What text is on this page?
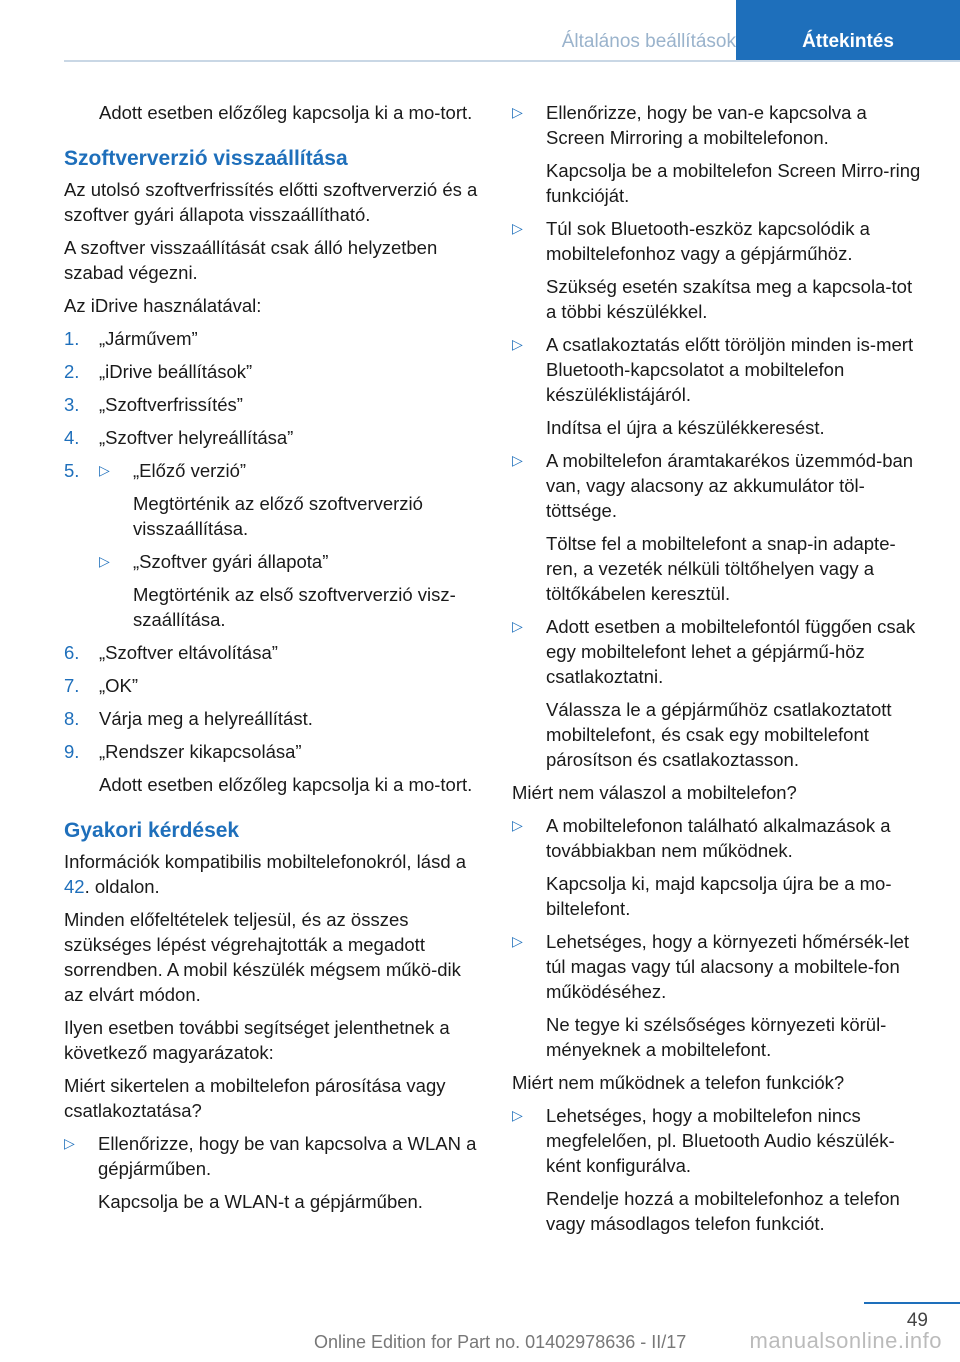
Általános beállítások	Áttekintés

Adott esetben előzőleg kapcsolja ki a mo-tort.

Szoftververzió visszaállítása

Az utolsó szoftverfrissítés előtti szoftververzió és a szoftver gyári állapota visszaállítható.

A szoftver visszaállítását csak álló helyzetben szabad végezni.

Az iDrive használatával:

1. „Járművem”
2. „iDrive beállítások”
3. „Szoftverfrissítés”
4. „Szoftver helyreállítása”
5. ▷ „Előző verzió”
Megtörténik az előző szoftververzió visszaállítása.
▷ „Szoftver gyári állapota”
Megtörténik az első szoftververzió visz-szaállítása.
6. „Szoftver eltávolítása”
7. „OK”
8. Várja meg a helyreállítást.
9. „Rendszer kikapcsolása”
Adott esetben előzőleg kapcsolja ki a mo-tort.
Gyakori kérdések

Információk kompatibilis mobiltelefonokról, lásd a 42. oldalon.

Minden előfeltételek teljesül, és az összes szükséges lépést végrehajtották a megadott sorrendben. A mobil készülék mégsem műkö-dik az elvárt módon.

Ilyen esetben további segítséget jelenthetnek a következő magyarázatok:

Miért sikertelen a mobiltelefon párosítása vagy csatlakoztatása?

▷ Ellenőrizze, hogy be van kapcsolva a WLAN a gépjárműben.
Kapcsolja be a WLAN-t a gépjárműben.
▷ Ellenőrizze, hogy be van-e kapcsolva a Screen Mirroring a mobiltelefonon.
Kapcsolja be a mobiltelefon Screen Mirro-ring funkcióját.
▷ Túl sok Bluetooth-eszköz kapcsolódik a mobiltelefonhoz vagy a gépjárműhöz.
Szükség esetén szakítsa meg a kapcsola-tot a többi készülékkel.
▷ A csatlakoztatás előtt töröljön minden is-mert Bluetooth-kapcsolatot a mobiltelefon készüléklistájáról.
Indítsa el újra a készülékkeresést.
▷ A mobiltelefon áramtakarékos üzemmód-ban van, vagy alacsony az akkumulátor töl-töttsége.
Töltse fel a mobiltelefont a snap-in adapte-ren, a vezeték nélküli töltőhelyen vagy a töltőkábelen keresztül.
▷ Adott esetben a mobiltelefontól függően csak egy mobiltelefont lehet a gépjármű-höz csatlakoztatni.
Válassza le a gépjárműhöz csatlakoztatott mobiltelefont, és csak egy mobiltelefont párosítson és csatlakoztasson.

Miért nem válaszol a mobiltelefon?

▷ A mobiltelefonon található alkalmazások a továbbiakban nem működnek.
Kapcsolja ki, majd kapcsolja újra be a mo-biltelefont.
▷ Lehetséges, hogy a környezeti hőmérsék-let túl magas vagy túl alacsony a mobiltele-fon működéséhez.
Ne tegye ki szélsőséges környezeti körül-ményeknek a mobiltelefont.

Miért nem működnek a telefon funkciók?

▷ Lehetséges, hogy a mobiltelefon nincs megfelelően, pl. Bluetooth Audio készülék-ként konfigurálva.
Rendelje hozzá a mobiltelefonhoz a telefon vagy másodlagos telefon funkciót.
49
Online Edition for Part no. 01402978636 - II/17	manualsonline.info
